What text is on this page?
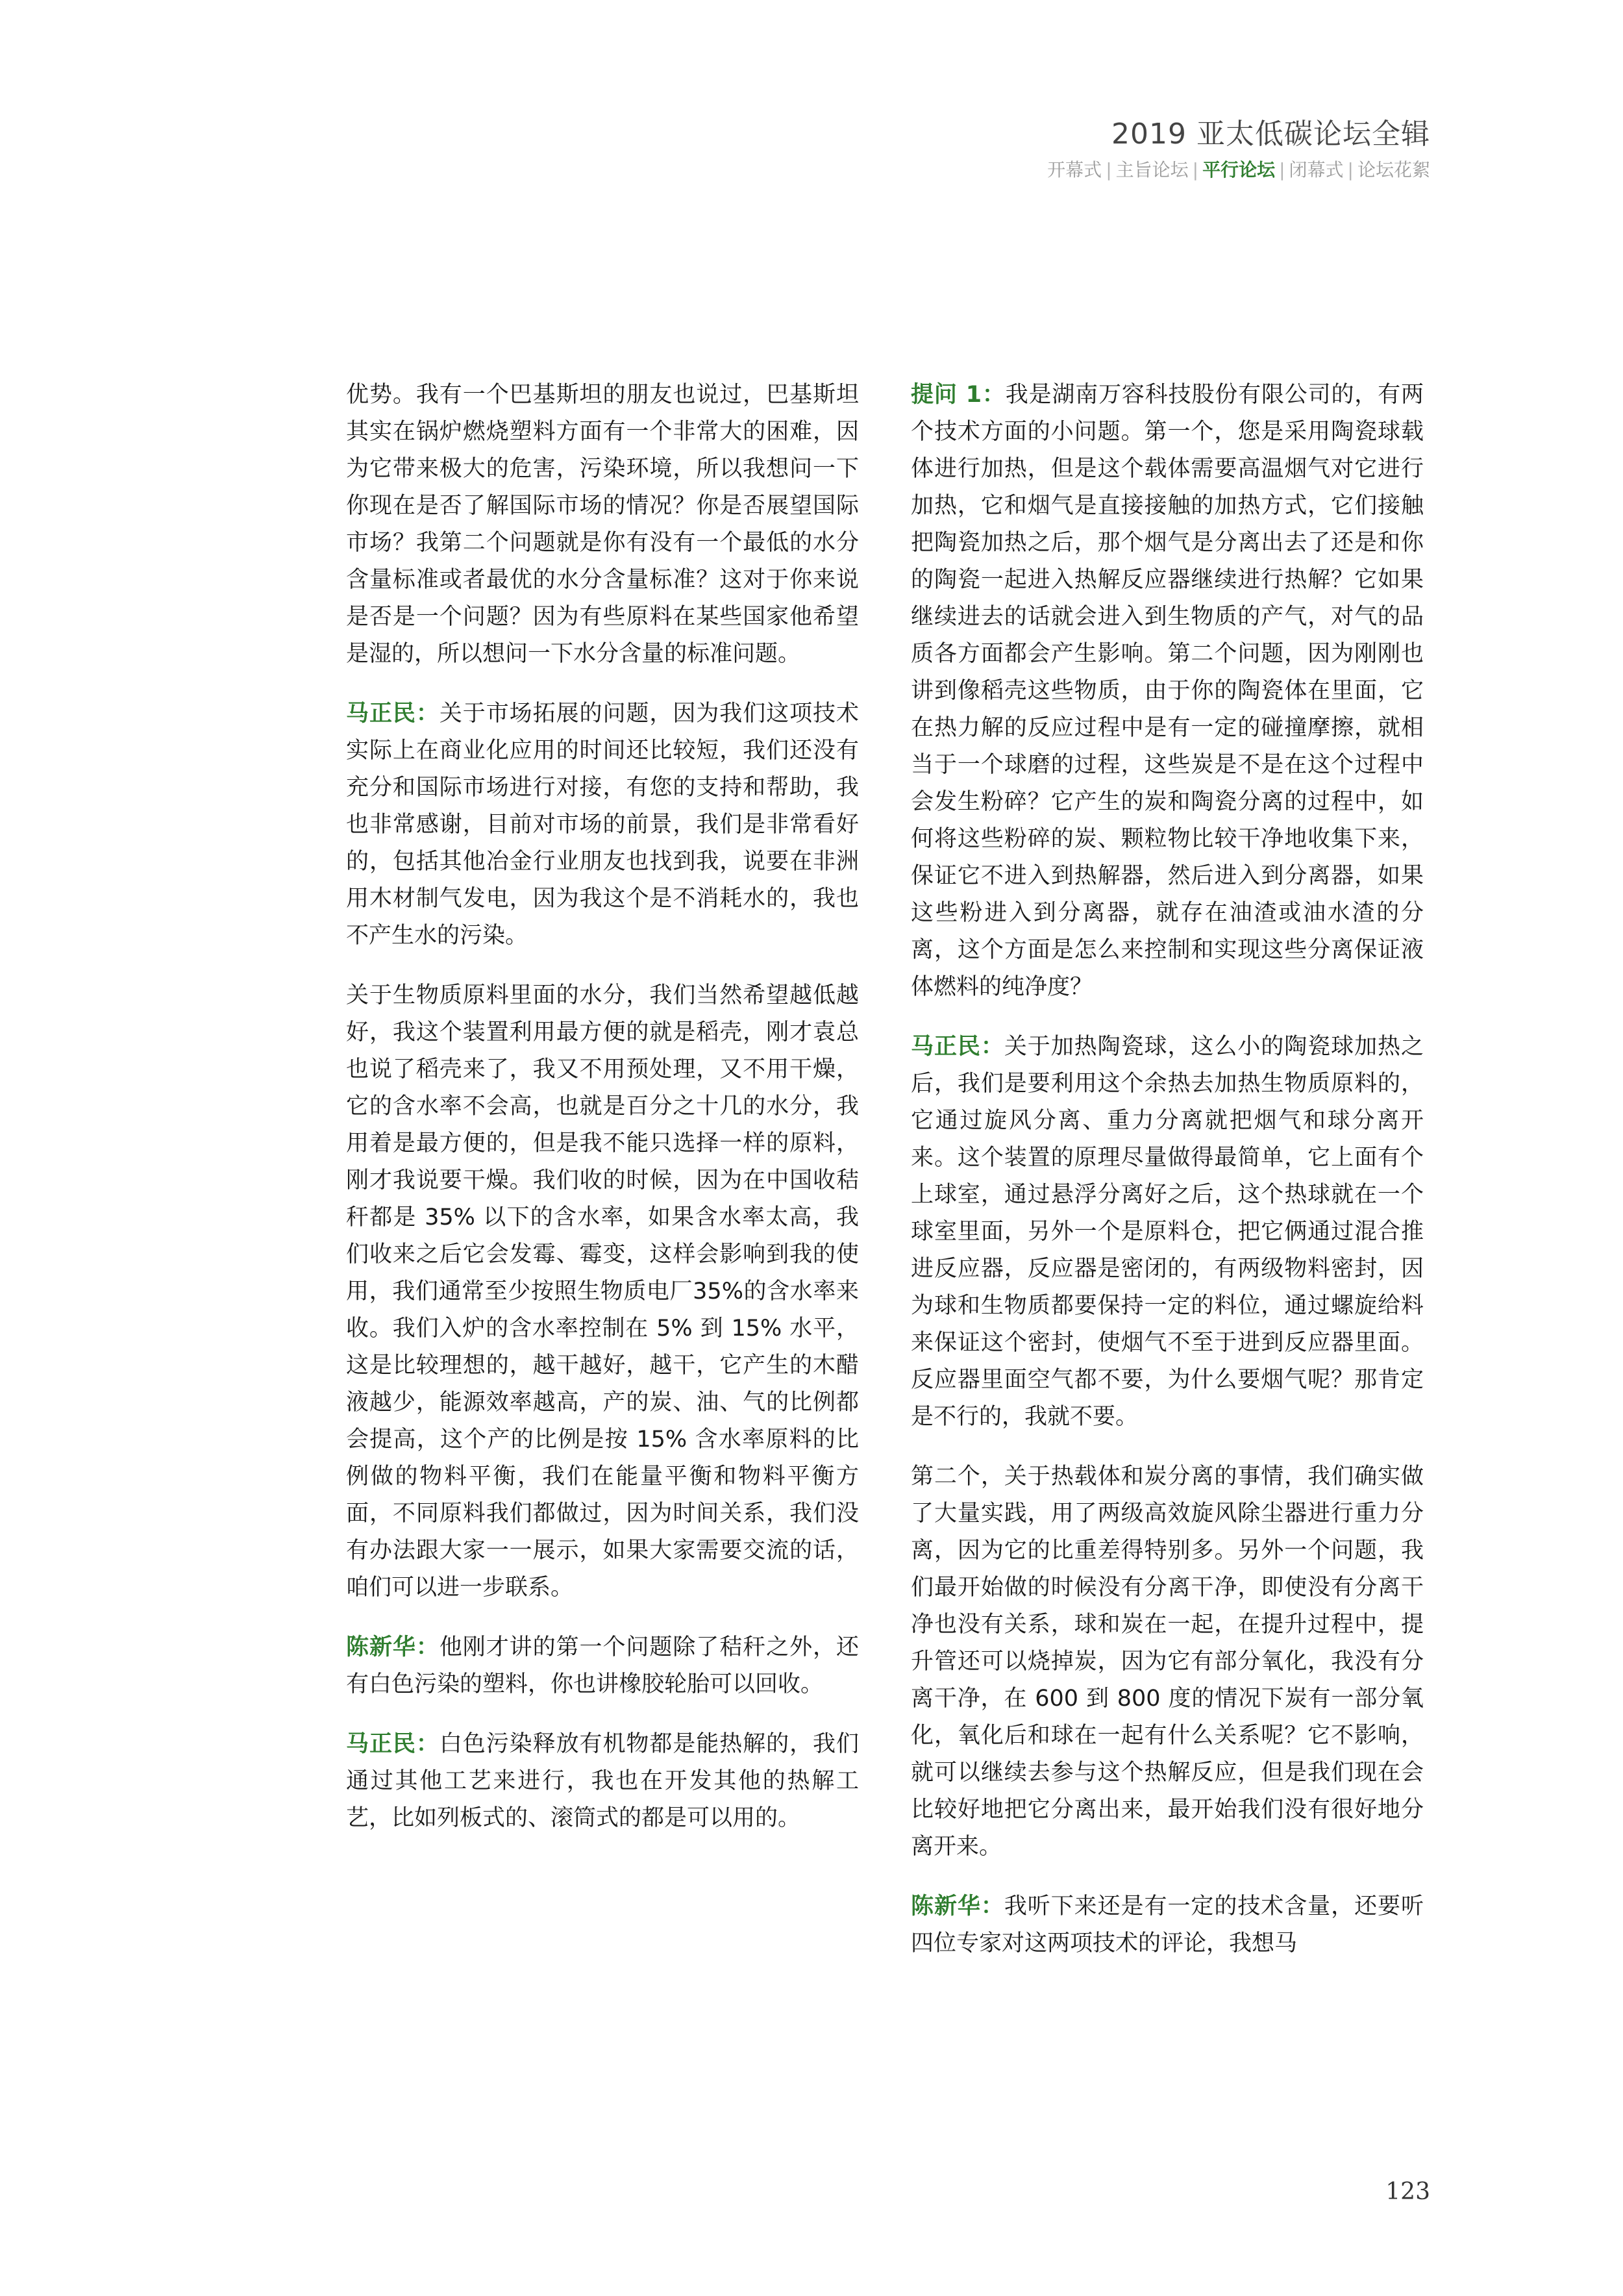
2019 亚太低碳论坛全辑
开幕式 | 主旨论坛 | 平行论坛 | 闭幕式 | 论坛花絮

优势。我有一个巴基斯坦的朋友也说过，巴基斯坦其实在锅炉燃烧塑料方面有一个非常大的困难，因为它带来极大的危害，污染环境，所以我想问一下你现在是否了解国际市场的情况？你是否展望国际市场？我第二个问题就是你有没有一个最低的水分含量标准或者最优的水分含量标准？这对于你来说是否是一个问题？因为有些原料在某些国家他希望是湿的，所以想问一下水分含量的标准问题。

马正民：关于市场拓展的问题，因为我们这项技术实际上在商业化应用的时间还比较短，我们还没有充分和国际市场进行对接，有您的支持和帮助，我也非常感谢，目前对市场的前景，我们是非常看好的，包括其他冶金行业朋友也找到我，说要在非洲用木材制气发电，因为我这个是不消耗水的，我也不产生水的污染。

关于生物质原料里面的水分，我们当然希望越低越好，我这个装置利用最方便的就是稻壳，刚才袁总也说了稻壳来了，我又不用预处理，又不用干燥，它的含水率不会高，也就是百分之十几的水分，我用着是最方便的，但是我不能只选择一样的原料，刚才我说要干燥。我们收的时候，因为在中国收秸秆都是 35% 以下的含水率，如果含水率太高，我们收来之后它会发霉、霉变，这样会影响到我的使用，我们通常至少按照生物质电厂35%的含水率来收。我们入炉的含水率控制在 5% 到 15% 水平，这是比较理想的，越干越好，越干，它产生的木醋液越少，能源效率越高，产的炭、油、气的比例都会提高，这个产的比例是按 15% 含水率原料的比例做的物料平衡，我们在能量平衡和物料平衡方面，不同原料我们都做过，因为时间关系，我们没有办法跟大家一一展示，如果大家需要交流的话，咱们可以进一步联系。

陈新华：他刚才讲的第一个问题除了秸秆之外，还有白色污染的塑料，你也讲橡胶轮胎可以回收。

马正民：白色污染释放有机物都是能热解的，我们通过其他工艺来进行，我也在开发其他的热解工艺，比如列板式的、滚筒式的都是可以用的。

提问 1：我是湖南万容科技股份有限公司的，有两个技术方面的小问题。第一个，您是采用陶瓷球载体进行加热，但是这个载体需要高温烟气对它进行加热，它和烟气是直接接触的加热方式，它们接触把陶瓷加热之后，那个烟气是分离出去了还是和你的陶瓷一起进入热解反应器继续进行热解？它如果继续进去的话就会进入到生物质的产气，对气的品质各方面都会产生影响。第二个问题，因为刚刚也讲到像稻壳这些物质，由于你的陶瓷体在里面，它在热力解的反应过程中是有一定的碰撞摩擦，就相当于一个球磨的过程，这些炭是不是在这个过程中会发生粉碎？它产生的炭和陶瓷分离的过程中，如何将这些粉碎的炭、颗粒物比较干净地收集下来，保证它不进入到热解器，然后进入到分离器，如果这些粉进入到分离器，就存在油渣或油水渣的分离，这个方面是怎么来控制和实现这些分离保证液体燃料的纯净度？

马正民：关于加热陶瓷球，这么小的陶瓷球加热之后，我们是要利用这个余热去加热生物质原料的，它通过旋风分离、重力分离就把烟气和球分离开来。这个装置的原理尽量做得最简单，它上面有个上球室，通过悬浮分离好之后，这个热球就在一个球室里面，另外一个是原料仓，把它俩通过混合推进反应器，反应器是密闭的，有两级物料密封，因为球和生物质都要保持一定的料位，通过螺旋给料来保证这个密封，使烟气不至于进到反应器里面。反应器里面空气都不要，为什么要烟气呢？那肯定是不行的，我就不要。

第二个，关于热载体和炭分离的事情，我们确实做了大量实践，用了两级高效旋风除尘器进行重力分离，因为它的比重差得特别多。另外一个问题，我们最开始做的时候没有分离干净，即使没有分离干净也没有关系，球和炭在一起，在提升过程中，提升管还可以烧掉炭，因为它有部分氧化，我没有分离干净，在 600 到 800 度的情况下炭有一部分氧化，氧化后和球在一起有什么关系呢？它不影响，就可以继续去参与这个热解反应，但是我们现在会比较好地把它分离出来，最开始我们没有很好地分离开来。

陈新华：我听下来还是有一定的技术含量，还要听四位专家对这两项技术的评论，我想马

123
